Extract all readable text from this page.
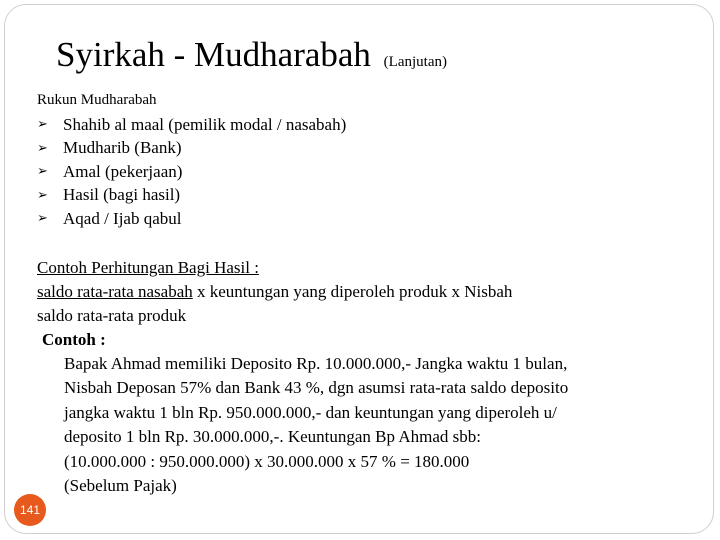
Syirkah - Mudharabah (Lanjutan)
Rukun Mudharabah
➢ Shahib al maal (pemilik modal / nasabah)
➢ Mudharib (Bank)
➢ Amal (pekerjaan)
➢ Hasil (bagi hasil)
➢ Aqad / Ijab qabul
Contoh Perhitungan Bagi Hasil :
saldo rata-rata nasabah x keuntungan yang diperoleh produk x Nisbah
saldo rata-rata produk
Contoh :
Bapak Ahmad memiliki Deposito Rp. 10.000.000,- Jangka waktu 1 bulan,
Nisbah Deposan 57% dan Bank 43 %, dgn asumsi rata-rata saldo deposito
jangka waktu 1 bln Rp. 950.000.000,- dan keuntungan yang diperoleh u/
deposito 1 bln Rp. 30.000.000,-. Keuntungan Bp Ahmad sbb:
(10.000.000 : 950.000.000) x 30.000.000 x 57 % = 180.000
(Sebelum Pajak)
141
